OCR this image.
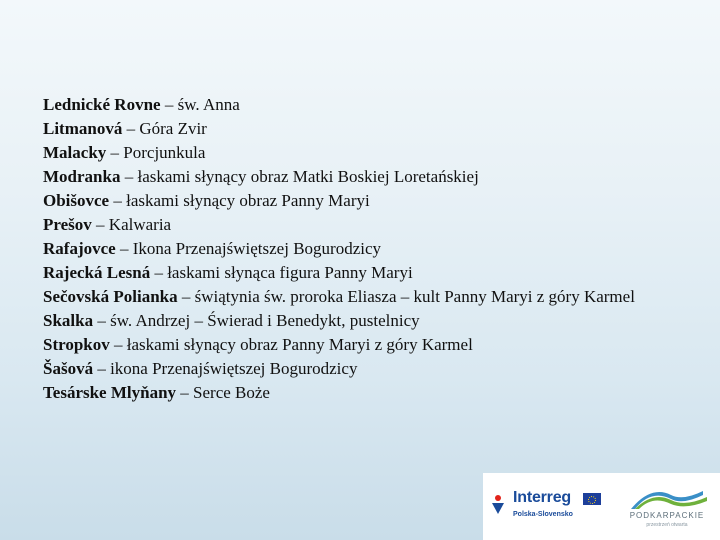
Lednické Rovne – św. Anna

Litmanová – Góra Zvir

Malacky – Porcjunkula

Modranka – łaskami słynący obraz Matki Boskiej Loretańskiej

Obišovce – łaskami słynący obraz Panny Maryi

Prešov – Kalwaria

Rafajovce – Ikona Przenajświętszej Bogurodzicy

Rajecká Lesná – łaskami słynąca figura Panny Maryi

Sečovská Polianka – świątynia św. proroka Eliasza – kult Panny Maryi z góry Karmel

Skalka – św. Andrzej – Świerad i Benedykt, pustelnicy

Stropkov – łaskami słynący obraz Panny Maryi z góry Karmel

Šašová – ikona Przenajświętszej Bogurodzicy

Tesárske Mlyňany – Serce Boże

Interreg
Polska-Slovensko	PODKARPACKIE
przestrzeń otwarta
